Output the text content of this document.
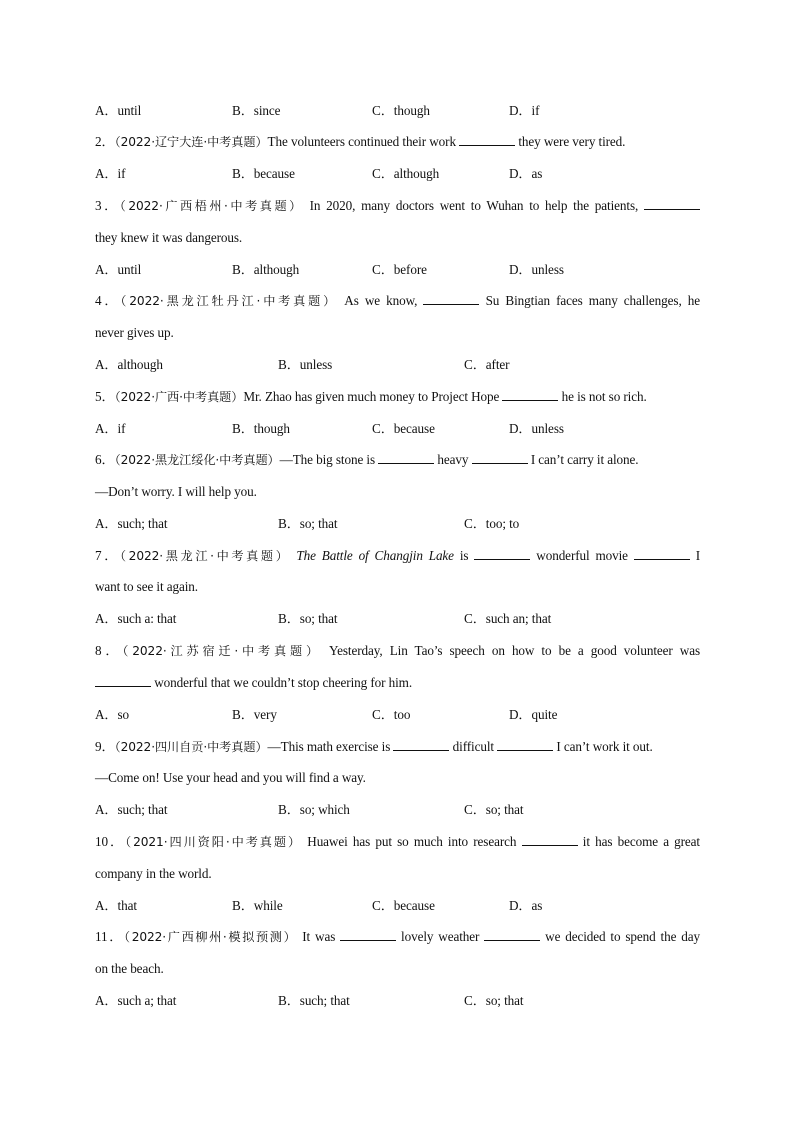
A．until	B．since	C．though	D．if
2．（2022·辽宁大连·中考真题）The volunteers continued their work	they were very tired.
A．if	B．because	C．although	D．as
3．（2022·广西梧州·中考真题） In 2020, many doctors went to Wuhan to help the patients,
they knew it was dangerous.
A．until	B．although	C．before	D．unless
4．（2022·黑龙江牡丹江·中考真题） As we know,	Su Bingtian faces many challenges, he
never gives up.
A．although	B．unless	C．after
5．（2022·广西·中考真题）Mr. Zhao has given much money to Project Hope	he is not so rich.
A．if	B．though	C．because	D．unless
6．（2022·黑龙江绥化·中考真题）—The big stone is	heavy	I can’t carry it alone.
—Don’t worry. I will help you.
A．such; that	B．so; that	C．too; to
7．（2022·黑龙江·中考真题） The Battle of Changjin Lake is	wonderful movie	I
want to see it again.
A．such a: that	B．so; that	C．such an; that
8．（2022·江苏宿迁·中考真题） Yesterday, Lin Tao’s speech on how to be a good volunteer was
wonderful that we couldn’t stop cheering for him.
A．so	B．very	C．too	D．quite
9．（2022·四川自贡·中考真题）—This math exercise is	difficult	I can’t work it out.
—Come on! Use your head and you will find a way.
A．such; that	B．so; which	C．so; that
10．（2021·四川资阳·中考真题） Huawei has put so much into research	it has become a great
company in the world.
A．that	B．while	C．because	D．as
11．（2022·广西柳州·模拟预测） It was	lovely weather	we decided to spend the day
on the beach.
A．such a; that	B．such; that	C．so; that
